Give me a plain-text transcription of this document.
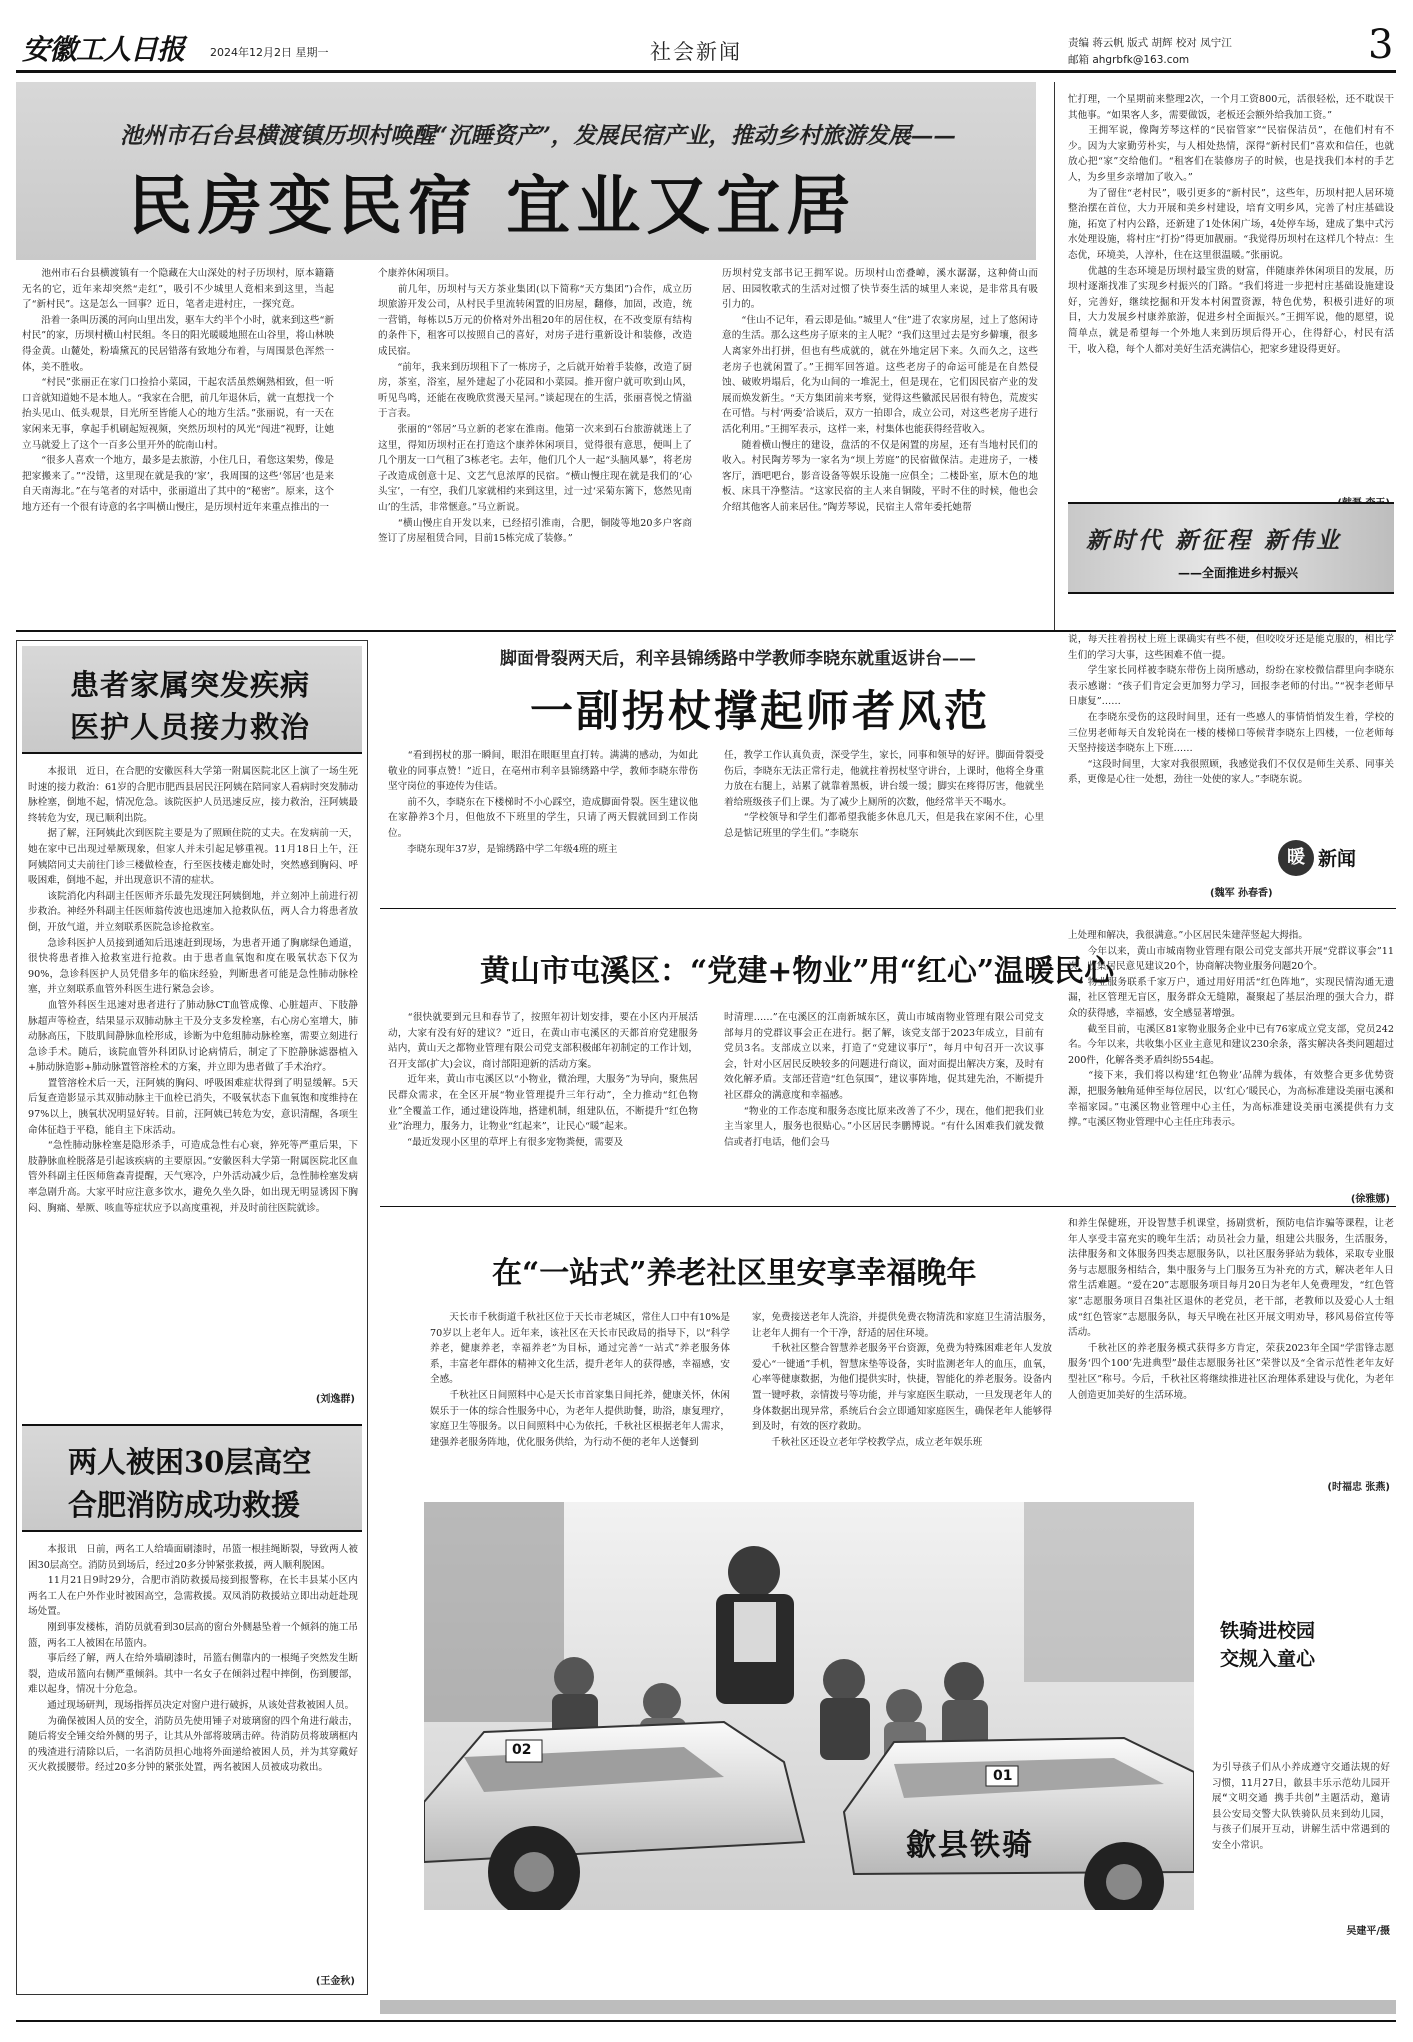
安徽工人日报 2024年12月2日 星期一	社会新闻	责编 蒋云帆 版式 胡辉 校对 凤宁江
邮箱 ahgrbfk@163.com	3
池州市石台县横渡镇历坝村唤醒“沉睡资产”，发展民宿产业，推动乡村旅游发展——
民房变民宿 宜业又宜居
　　池州市石台县横渡镇有一个隐藏在大山深处的村子历坝村，原本籍籍无名的它，近年来却突然“走红”，吸引不少城里人竟相来到这里，当起了“新村民”。这是怎么一回事？近日，笔者走进村庄，一探究竟。
　　沿着一条叫历溪的河向山里出发，驱车大约半个小时，就来到这些“新村民”的家，历坝村横山村民组。冬日的阳光暖暖地照在山谷里，将山林映得金黄。山麓处，粉墙黛瓦的民居错落有致地分布着，与周围景色浑然一体，美不胜收。
　　“村民”张丽正在家门口捡拾小菜园，干起农活虽然娴熟相致，但一听口音就知道她不是本地人。“我家在合肥，前几年退休后，就一直想找一个抬头见山、低头观景，目光所至皆能人心的地方生活。”张丽说，有一天在家闲来无事，拿起手机刷起短视频，突然历坝村的风光“闯进”视野，让她立马就爱上了这个一百多公里开外的皖南山村。
　　“很多人喜欢一个地方，最多是去旅游，小住几日，看您这架势，像是把家搬来了。”“没错，这里现在就是我的‘家’，我周围的这些‘邻居’也是来自天南海北。”在与笔者的对话中，张丽道出了其中的“秘密”。原来，这个地方还有一个很有诗意的名字叫横山慢庄，是历坝村近年来重点推出的一
个康养休闲项目。
　　前几年，历坝村与天方茶业集团(以下简称“天方集团”)合作，成立历坝旅游开发公司，从村民手里流转闲置的旧房屋，翻修，加固，改造，统一营销，每栋以5万元的价格对外出租20年的居住权，在不改变原有结构的条件下，租客可以按照自己的喜好，对房子进行重新设计和装修，改造成民宿。
　　“前年，我来到历坝租下了一栋房子，之后就开始着手装修，改造了厨房，茶室，浴室，屋外建起了小花园和小菜园。推开窗户就可吹到山风，听见鸟鸣，还能在夜晚欣赏漫天星河。”谈起现在的生活，张丽喜悦之情溢于言表。
　　张丽的“邻居”马立新的老家在淮南。他第一次来到石台旅游就迷上了这里，得知历坝村正在打造这个康养休闲项目，觉得很有意思，便叫上了几个朋友一口气租了3栋老宅。去年，他们几个人一起“头脑风暴”，将老房子改造成创意十足、文艺气息浓厚的民宿。“横山慢庄现在就是我们的‘心头宝’，一有空，我们几家就相约来到这里，过一过‘采菊东篱下，悠然见南山’的生活，非常惬意。”马立新说。
　　“横山慢庄自开发以来，已经招引淮南，合肥，铜陵等地20多户客商签订了房屋租赁合同，目前15栋完成了装修。”
历坝村党支部书记王拥军说。历坝村山峦叠嶂，溪水潺潺，这种倚山而居、田园牧歌式的生活对过惯了快节奏生活的城里人来说，是非常具有吸引力的。
　　“住山不记年，看云即是仙。”城里人“住”进了农家房屋，过上了悠闲诗意的生活。那么这些房子原来的主人呢？“我们这里过去是穷乡僻壤，很多人离家外出打拼，但也有些成就的，就在外地定居下来。久而久之，这些老房子也就闲置了。”王拥军回答道。这些老房子的命运可能是在自然侵蚀、破败坍塌后，化为山间的一堆泥土，但是现在，它们因民宿产业的发展而焕发新生。“天方集团前来考察，觉得这些徽派民居很有特色，荒废实在可惜。与村‘两委’洽谈后，双方一拍即合，成立公司，对这些老房子进行活化利用。”王拥军表示，这样一来，村集体也能获得经营收入。
　　随着横山慢庄的建设，盘活的不仅是闲置的房屋，还有当地村民们的收入。村民陶芳琴为一家名为“坝上芳庭”的民宿做保洁。走进房子，一楼客厅，酒吧吧台，影音设备等娱乐设施一应俱全；二楼卧室，原木色的地板、床具干净整洁。“这家民宿的主人来自铜陵，平时不住的时候，他也会介绍其他客人前来居住。”陶芳琴说，民宿主人常年委托她帮
忙打理，一个星期前来整理2次，一个月工资800元，活很轻松，还不耽误干其他事。“如果客人多，需要做饭，老板还会额外给我加工资。”
　　王拥军说，像陶芳琴这样的“民宿管家”“民宿保洁员”，在他们村有不少。因为大家勤劳朴实，与人相处热情，深得“新村民们”喜欢和信任，也就放心把“家”交给他们。“租客们在装修房子的时候，也是找我们本村的手艺人，为乡里乡亲增加了收入。”
　　为了留住“老村民”，吸引更多的“新村民”，这些年，历坝村把人居环境整治摆在首位，大力开展和美乡村建设，培育文明乡风，完善了村庄基础设施，拓宽了村内公路，还新建了1处休闲广场，4处停车场，建成了集中式污水处理设施，将村庄“打扮”得更加靓丽。“我觉得历坝村在这样几个特点：生态优，环境美，人淳朴，住在这里很温暖。”张丽说。
　　优越的生态环境是历坝村最宝贵的财富，伴随康养休闲项目的发展，历坝村逐渐找准了实现乡村振兴的门路。“我们将进一步把村庄基础设施建设好，完善好，继续挖掘和开发本村闲置资源，特色优势，积极引进好的项目，大力发展乡村康养旅游，促进乡村全面振兴。”王拥军说，他的愿望，说简单点，就是希望每一个外地人来到历坝后得开心，住得舒心，村民有活干，收入稳，每个人都对美好生活充满信心，把家乡建设得更好。
新时代 新征程 新伟业
——全面推进乡村振兴
患者家属突发疾病
医护人员接力救治
　　本报讯　近日，在合肥的安徽医科大学第一附属医院北区上演了一场生死时速的接力救治：61岁的合肥市肥西县居民汪阿姨在陪同家人看病时突发肺动脉栓塞，倒地不起，情况危急。该院医护人员迅速反应，接力救治，汪阿姨最终转危为安，现已顺利出院。
　　据了解，汪阿姨此次到医院主要是为了照顾住院的丈夫。在发病前一天，她在家中已出现过晕厥现象，但家人并未引起足够重视。11月18日上午，汪阿姨陪同丈夫前往门诊三楼做检查，行至医技楼走廊处时，突然感到胸闷、呼吸困难，倒地不起，并出现意识不清的症状。
　　该院消化内科副主任医师齐乐最先发现汪阿姨倒地，并立刻冲上前进行初步救治。神经外科副主任医师翁传波也迅速加入抢救队伍，两人合力将患者放倒，开放气道，并立刻联系医院急诊抢救室。
　　急诊科医护人员接到通知后迅速赶到现场，为患者开通了胸廓绿色通道，很快将患者推入抢救室进行抢救。由于患者血氧饱和度在吸氧状态下仅为90%，急诊科医护人员凭借多年的临床经验，判断患者可能是急性肺动脉栓塞，并立刻联系血管外科医生进行紧急会诊。
　　血管外科医生迅速对患者进行了肺动脉CT血管成像、心脏超声、下肢静脉超声等检查，结果显示双肺动脉主干及分支多发栓塞，右心房心室增大，肺动脉高压，下肢肌间静脉血栓形成，诊断为中危组肺动脉栓塞，需要立刻进行急诊手术。随后，该院血管外科团队讨论病情后，制定了下腔静脉滤器植入+肺动脉造影+肺动脉置管溶栓术的方案，并立即为患者做了手术治疗。
　　置管溶栓术后一天，汪阿姨的胸闷、呼吸困难症状得到了明显缓解。5天后复查造影显示其双肺动脉主干血栓已消失，不吸氧状态下血氧饱和度维持在97%以上，胰氧状况明显好转。目前，汪阿姨已转危为安，意识清醒，各项生命体征趋于平稳，能自主下床活动。
　　“急性肺动脉栓塞是隐形杀手，可造成急性右心衰，猝死等严重后果，下肢静脉血栓脱落是引起该疾病的主要原因。”安徽医科大学第一附属医院北区血管外科副主任医师詹森青提醒，天气寒冷，户外活动减少后，急性肺栓塞发病率急剧升高。大家平时应注意多饮水，避免久坐久卧，如出现无明显诱因下胸闷、胸痛、晕厥、咳血等症状应予以高度重视，并及时前往医院就诊。
(刘逸群)
两人被困30层高空
合肥消防成功救援
　　本报讯　日前，两名工人给墙面刷漆时，吊篮一根挂绳断裂，导致两人被困30层高空。消防员到场后，经过20多分钟紧张救援，两人顺利脱困。
　　11月21日9时29分，合肥市消防救援局接到报警称，在长丰县某小区内两名工人在户外作业时被困高空，急需救援。双凤消防救援站立即出动赶赴现场处置。
　　刚到事发楼栋，消防员就看到30层高的窗台外侧悬坠着一个倾斜的施工吊篮，两名工人被困在吊篮内。
　　事后经了解，两人在给外墙刷漆时，吊篮右侧靠内的一根绳子突然发生断裂，造成吊篮向右侧严重倾斜。其中一名女子在倾斜过程中摔倒，伤到腰部，难以起身，情况十分危急。
　　通过现场研判，现场指挥员决定对窗户进行破拆，从该处营救被困人员。
　　为确保被困人员的安全，消防员先使用锤子对玻璃窗的四个角进行敲击，随后将安全锤交给外侧的男子，让其从外部将玻璃击碎。待消防员将玻璃框内的残渣进行清除以后，一名消防员担心地将外面递给被困人员，并为其穿戴好灭火救援腰带。经过20多分钟的紧张处置，两名被困人员被成功救出。
(王金秋)
脚面骨裂两天后，利辛县锦绣路中学教师李晓东就重返讲台——
一副拐杖撑起师者风范
　　“看到拐杖的那一瞬间，眼泪在眼眶里直打转。满满的感动，为如此敬业的同事点赞！”近日，在亳州市利辛县锦绣路中学，教师李晓东带伤坚守岗位的事迹传为佳话。
　　前不久，李晓东在下楼梯时不小心踩空，造成脚面骨裂。医生建议他在家静养3个月，但他放不下班里的学生，只请了两天假就回到工作岗位。
　　李晓东现年37岁，是锦绣路中学二年级4班的班主
任，教学工作认真负责，深受学生，家长，同事和领导的好评。脚面骨裂受伤后，李晓东无法正常行走，他就拄着拐杖坚守讲台，上课时，他将全身重力放在右腿上，站累了就靠着黑板，讲台缓一缓；脚实在疼得厉害，他就坐着给班级孩子们上课。为了减少上厕所的次数，他经常半天不喝水。
　　“学校领导和学生们都希望我能多休息几天，但是我在家闲不住，心里总是惦记班里的学生们。”李晓东
说，每天拄着拐杖上班上课确实有些不便，但咬咬牙还是能克服的，相比学生们的学习大事，这些困难不值一提。
　　学生家长同样被李晓东带伤上岗所感动，纷纷在家校微信群里向李晓东表示感谢：“孩子们肯定会更加努力学习，回报李老师的付出。”“祝李老师早日康复”……
　　在李晓东受伤的这段时间里，还有一些感人的事情悄悄发生着，学校的三位男老师每天自发轮岗在一楼的楼梯口等候背李晓东上四楼，一位老师每天坚持接送李晓东上下班……
　　“这段时间里，大家对我很照顾，我感觉我们不仅仅是师生关系、同事关系，更像是心往一处想，劲往一处使的家人。”李晓东说。
暖 新闻
(魏军 孙春香)
黄山市屯溪区：“党建+物业”用“红心”温暖民心
　　“很快就要到元旦和春节了，按照年初计划安排，要在小区内开展活动，大家有没有好的建议？”近日，在黄山市屯溪区的天都首府党建服务站内，黄山天之都物业管理有限公司党支部积极邮年初制定的工作计划，召开支部(扩大)会议，商讨部阳迎新的活动方案。
　　近年来，黄山市屯溪区以“小物业，微治理，大服务”为导向，聚焦居民群众需求，在全区开展“物业管理提升三年行动”，全力推动“红色物业”全覆盖工作，通过建设阵地，搭建机制，组建队伍，不断提升“红色物业”治理力，服务力，让物业“红起来”，让民心“暖”起来。
　　“最近发现小区里的草坪上有很多宠物粪便，需要及
时清理……”在屯溪区的江南新城东区，黄山市城南物业管理有限公司党支部每月的党群议事会正在进行。据了解，该党支部于2023年成立，目前有党员3名。支部成立以来，打造了“党建议事厅”，每月中旬召开一次议事会，针对小区居民反映较多的问题进行商议，面对面提出解决方案，及时有效化解矛盾。支部还营造“红色氛围”，建议事阵地，促其建先治，不断提升社区群众的满意度和幸福感。
　　“物业的工作态度和服务态度比原来改善了不少，现在，他们把我们业主当家里人，服务也很贴心。”小区居民李鹏博说。“有什么困难我们就发微信或者打电话，他们会马
上处理和解决，我很满意。”小区居民朱建萍竖起大拇指。
　　今年以来，黄山市城南物业管理有限公司党支部共开展“党群议事会”11次，收集居民意见建议20个，协商解决物业服务问题20个。
　　物业服务联系千家万户，通过用好用活“红色阵地”，实现民情沟通无遗漏，社区管理无盲区，服务群众无缝隙，凝聚起了基层治理的强大合力，群众的获得感，幸福感，安全感显著增强。
　　截至目前，屯溪区81家物业服务企业中已有76家成立党支部，党员242名。今年以来，共收集小区业主意见和建议230余条，落实解决各类问题超过200件，化解各类矛盾纠纷554起。
　　“接下来，我们将以构建‘红色物业’品牌为载体，有效整合更多优势资源，把服务触角延伸至每位居民，以‘红心’暖民心，为高标准建设美丽屯溪和幸福家园。”屯溪区物业管理中心主任，为高标准建设美丽屯溪提供有力支撑。”屯溪区物业管理中心主任庄玮表示。
(徐雅娜)
在“一站式”养老社区里安享幸福晚年
　　天长市千秋街道千秋社区位于天长市老城区，常住人口中有10%是70岁以上老年人。近年来，该社区在天长市民政局的指导下，以“科学养老，健康养老，幸福养老”为目标，通过完善“一站式”养老服务体系，丰富老年群体的精神文化生活，提升老年人的获得感，幸福感，安全感。
　　千秋社区日间照料中心是天长市首家集日间托养，健康关怀，休闲娱乐于一体的综合性服务中心，为老年人提供助餐，助浴，康复理疗，家庭卫生等服务。以日间照料中心为依托，千秋社区根据老年人需求，建强养老服务阵地，优化服务供给，为行动不便的老年人送餐到
家，免费接送老年人洗浴，并提供免费衣物清洗和家庭卫生清洁服务，让老年人拥有一个干净，舒适的居住环境。
　　千秋社区整合智慧养老服务平台资源，免费为特殊困难老年人发放爱心“一键通”手机，智慧床垫等设备，实时监测老年人的血压，血氧，心率等健康数据，为他们提供实时，快捷，智能化的养老服务。设备内置一键呼救，亲情拨号等功能，并与家庭医生联动，一旦发现老年人的身体数据出现异常，系统后台会立即通知家庭医生，确保老年人能够得到及时，有效的医疗救助。
　　千秋社区还设立老年学校教学点，成立老年娱乐班
和养生保健班，开设智慧手机课堂，扬剧赏析，预防电信诈骗等课程，让老年人享受丰富充实的晚年生活；动员社会力量，组建公共服务，生活服务，法律服务和文体服务四类志愿服务队，以社区服务驿站为载体，采取专业服务与志愿服务相结合，集中服务与上门服务互为补充的方式，解决老年人日常生活难题。“爱在20”志愿服务项目每月20日为老年人免费理发，“红色管家”志愿服务项目召集社区退休的老党员，老干部，老教师以及爱心人士组成“红色管家”志愿服务队，每天早晚在社区开展文明劝导，移风易俗宣传等活动。
　　千秋社区的养老服务模式获得多方肯定，荣获2023年全国“学雷锋志愿服务‘四个100’先进典型”最佳志愿服务社区”荣誉以及“全省示范性老年友好型社区”称号。今后，千秋社区将继续推进社区治理体系建设与优化，为老年人创造更加美好的生活环境。
(时福忠 张燕)
02
01
歙县铁骑
铁骑进校园
交规入童心
为引导孩子们从小养成遵守交通法规的好习惯，11月27日，歙县丰乐示范幼儿园开展“文明交通 携手共创”主题活动，邀请县公安局交警大队铁骑队员来到幼儿园，与孩子们展开互动，讲解生活中常遇到的安全小常识。
吴建平/摄
